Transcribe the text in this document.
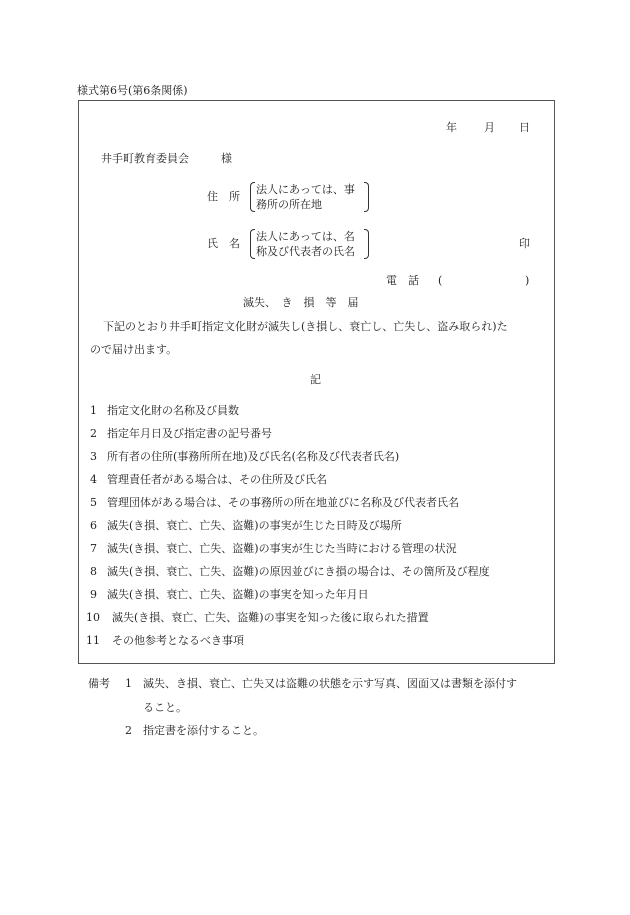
様式第6号(第6条関係)
年 月 日
井手町教育委員会	様
住　所
法人にあっては、事
務所の所在地
氏　名
法人にあっては、名
称及び代表者の氏名
印
電　話 (	)
滅失、　き　損　等　届
下記のとおり井手町指定文化財が滅失し(き損し、衰亡し、亡失し、盗み取られ)た
ので届け出ます。
記
1 指定文化財の名称及び員数
2 指定年月日及び指定書の記号番号
3 所有者の住所(事務所所在地)及び氏名(名称及び代表者氏名)
4 管理責任者がある場合は、その住所及び氏名
5 管理団体がある場合は、その事務所の所在地並びに名称及び代表者氏名
6 滅失(き損、衰亡、亡失、盗難)の事実が生じた日時及び場所
7 滅失(き損、衰亡、亡失、盗難)の事実が生じた当時における管理の状況
8 滅失(き損、衰亡、亡失、盗難)の原因並びにき損の場合は、その箇所及び程度
9 滅失(き損、衰亡、亡失、盗難)の事実を知った年月日
10 滅失(き損、衰亡、亡失、盗難)の事実を知った後に取られた措置
11 その他参考となるべき事項
備考 1 滅失、き損、衰亡、亡失又は盗難の状態を示す写真、図面又は書類を添付す
ること。
2 指定書を添付すること。
